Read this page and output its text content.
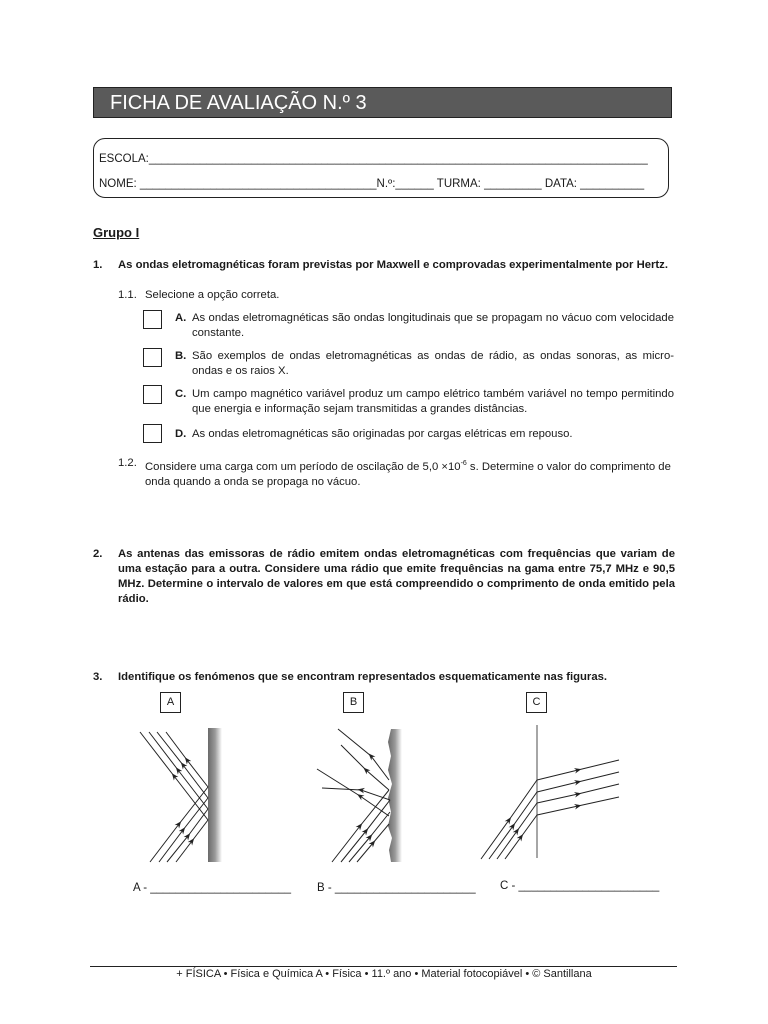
FICHA DE AVALIAÇÃO N.º 3
ESCOLA:______________________________________________________________________________
NOME: _____________________________________N.º:______ TURMA: _________ DATA: __________
Grupo I
1. As ondas eletromagnéticas foram previstas por Maxwell e comprovadas experimentalmente por Hertz.
1.1. Selecione a opção correta.
A. As ondas eletromagnéticas são ondas longitudinais que se propagam no vácuo com velocidade constante.
B. São exemplos de ondas eletromagnéticas as ondas de rádio, as ondas sonoras, as micro-ondas e os raios X.
C. Um campo magnético variável produz um campo elétrico também variável no tempo permitindo que energia e informação sejam transmitidas a grandes distâncias.
D. As ondas eletromagnéticas são originadas por cargas elétricas em repouso.
1.2. Considere uma carga com um período de oscilação de $5,0 \times 10^{-6}$ s. Determine o valor do comprimento de onda quando a onda se propaga no vácuo.
2. As antenas das emissoras de rádio emitem ondas eletromagnéticas com frequências que variam de uma estação para a outra. Considere uma rádio que emite frequências na gama entre 75,7 MHz e 90,5 MHz. Determine o intervalo de valores em que está compreendido o comprimento de onda emitido pela rádio.
3. Identifique os fenómenos que se encontram representados esquematicamente nas figuras.
A	B	C
A - ______________________ B - ______________________ C - ______________________
+ FÍSICA • Física e Química A • Física • 11.º ano • Material fotocopiável • © Santillana
